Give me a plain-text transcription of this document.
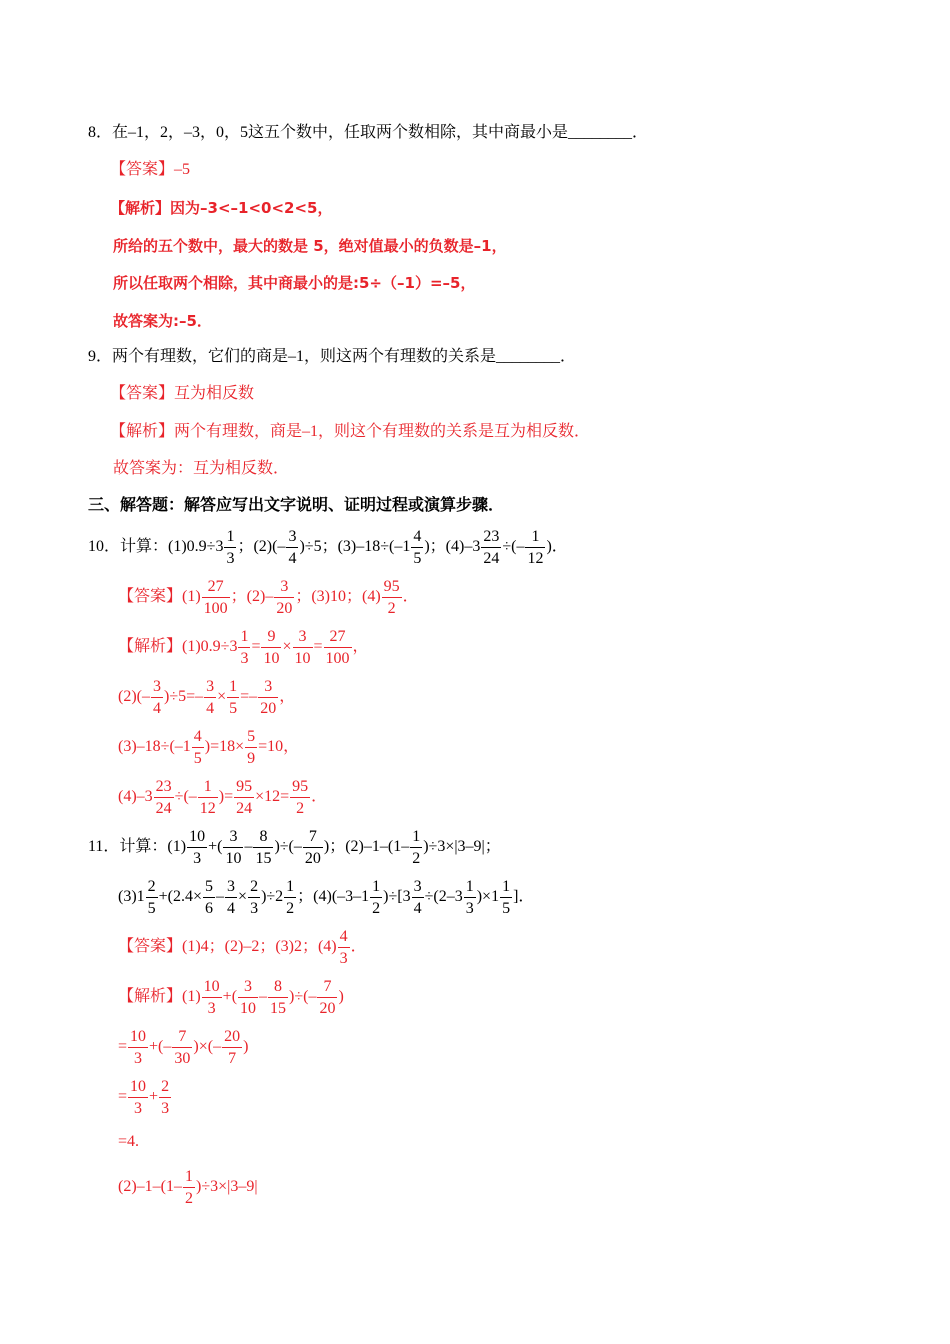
8．在–1，2，–3，0，5这五个数中，任取两个数相除，其中商最小是________．
【答案】–5
【解析】因为–3<–1<0<2<5，
所给的五个数中，最大的数是 5，绝对值最小的负数是–1，
所以任取两个相除，其中商最小的是:5÷（–1）=–5，
故答案为:–5．
9．两个有理数，它们的商是–1，则这两个有理数的关系是________．
【答案】互为相反数
【解析】两个有理数，商是–1，则这个有理数的关系是互为相反数．
故答案为：互为相反数．
三、解答题：解答应写出文字说明、证明过程或演算步骤．
10．计算：$(1)0.9\div 3 \frac{1}{3}$ ；$(2)(- \frac{3}{4} )\div 5$；$(3)-18\div(-1 \frac{4}{5}$ )；$(4)-3 \frac{23}{24}$ ÷(– $\frac{1}{12}$ )．
【答案】$(1) \frac{27}{100}$ ；$(2)- \frac{3}{20}$ ；(3)10；$(4) \frac{95}{2}$ ．
【解析】$(1)0.9\div 3 \frac{1}{3} = \frac{9}{10} \times \frac{3}{10} = \frac{27}{100}$ ，
$(2)(- \frac{3}{4} )\div 5=- \frac{3}{4} \times \frac{1}{5} =- \frac{3}{20}$ ，
$(3)-18\div(-1 \frac{4}{5} )=18\times \frac{5}{9} =10$，
$(4)-3 \frac{23}{24}$ ÷(– $\frac{1}{12}$ )= $\frac{95}{24} \times 12= \frac{95}{2}$ ．
11．计算：$(1) \frac{10}{3}$ +( $\frac{3}{10} - \frac{8}{15}$ )÷(– $\frac{7}{20}$ )；$(2)-1-(1- \frac{1}{2} )\div 3\times|3-9|$；
$(3)1 \frac{2}{5} +(2.4\times \frac{5}{6} - \frac{3}{4} \times \frac{2}{3} )\div 2 \frac{1}{2}$ ；$(4)(-3-1 \frac{1}{2} )\div[3 \frac{3}{4} \div(2-3 \frac{1}{3} )\times 1 \frac{1}{5}$ ]．
【答案】(1)4；(2)–2；(3)2；$(4) \frac{4}{3}$ ．
【解析】$(1) \frac{10}{3}$ +( $\frac{3}{10} - \frac{8}{15}$ )÷(– $\frac{7}{20}$ )
= $\frac{10}{3}$ +(– $\frac{7}{30}$ )×(– $\frac{20}{7}$ )
= $\frac{10}{3} + \frac{2}{3}$
=4.
$(2)-1-(1- \frac{1}{2} )\div 3\times|3-9|$
